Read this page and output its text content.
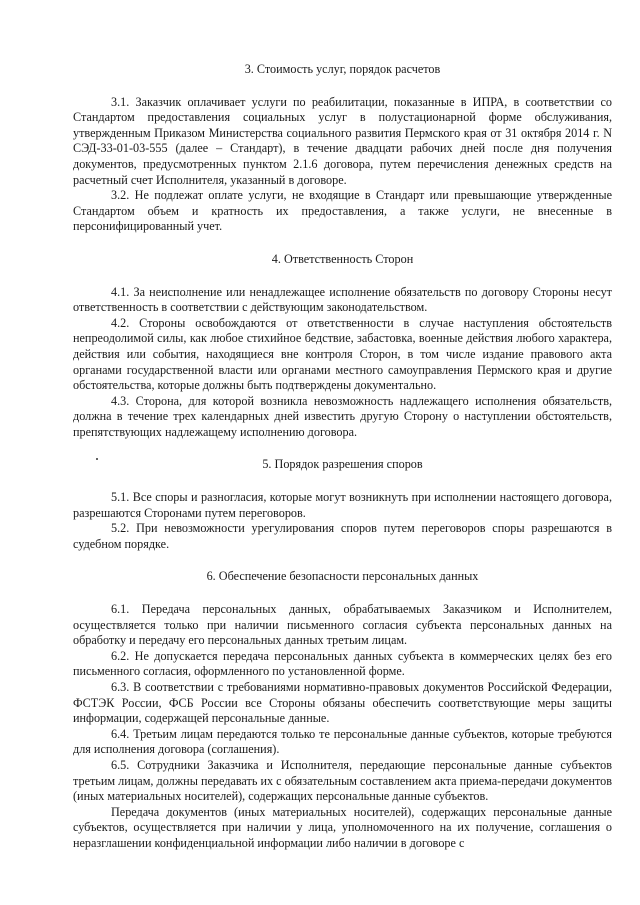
3. Стоимость услуг, порядок расчетов

3.1. Заказчик оплачивает услуги по реабилитации, показанные в ИПРА, в соответствии со Стандартом предоставления социальных услуг в полустационарной форме обслуживания, утвержденным Приказом Министерства социального развития Пермского края от 31 октября 2014 г. N СЭД-33-01-03-555 (далее – Стандарт), в течение двадцати рабочих дней после дня получения документов, предусмотренных пунктом 2.1.6 договора, путем перечисления денежных средств на расчетный счет Исполнителя, указанный в договоре.

3.2. Не подлежат оплате услуги, не входящие в Стандарт или превышающие утвержденные Стандартом объем и кратность их предоставления, а также услуги, не внесенные в персонифицированный учет.

4. Ответственность Сторон

4.1. За неисполнение или ненадлежащее исполнение обязательств по договору Стороны несут ответственность в соответствии с действующим законодательством.

4.2. Стороны освобождаются от ответственности в случае наступления обстоятельств непреодолимой силы, как любое стихийное бедствие, забастовка, военные действия любого характера, действия или события, находящиеся вне контроля Сторон, в том числе издание правового акта органами государственной власти или органами местного самоуправления Пермского края и другие обстоятельства, которые должны быть подтверждены документально.

4.3. Сторона, для которой возникла невозможность надлежащего исполнения обязательств, должна в течение трех календарных дней известить другую Сторону о наступлении обстоятельств, препятствующих надлежащему исполнению договора.

5. Порядок разрешения споров

5.1. Все споры и разногласия, которые могут возникнуть при исполнении настоящего договора, разрешаются Сторонами путем переговоров.

5.2. При невозможности урегулирования споров путем переговоров споры разрешаются в судебном порядке.

6. Обеспечение безопасности персональных данных

6.1. Передача персональных данных, обрабатываемых Заказчиком и Исполнителем, осуществляется только при наличии письменного согласия субъекта персональных данных на обработку и передачу его персональных данных третьим лицам.

6.2. Не допускается передача персональных данных субъекта в коммерческих целях без его письменного согласия, оформленного по установленной форме.

6.3. В соответствии с требованиями нормативно-правовых документов Российской Федерации, ФСТЭК России, ФСБ России все Стороны обязаны обеспечить соответствующие меры защиты информации, содержащей персональные данные.

6.4. Третьим лицам передаются только те персональные данные субъектов, которые требуются для исполнения договора (соглашения).

6.5. Сотрудники Заказчика и Исполнителя, передающие персональные данные субъектов третьим лицам, должны передавать их с обязательным составлением акта приема-передачи документов (иных материальных носителей), содержащих персональные данные субъектов.

Передача документов (иных материальных носителей), содержащих персональные данные субъектов, осуществляется при наличии у лица, уполномоченного на их получение, соглашения о неразглашении конфиденциальной информации либо наличии в договоре с
